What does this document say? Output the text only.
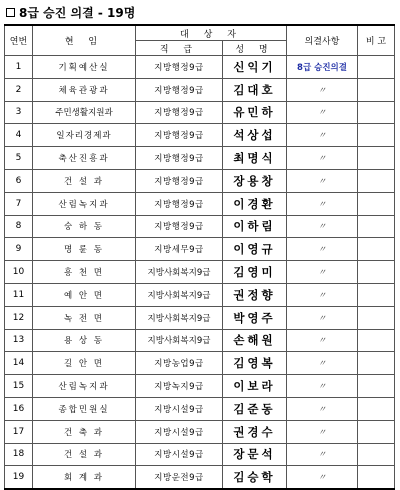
8급 승진 의결 - 19명
연번	현 임	대 상 자		의결사항	비 고
		직 급	성 명		
1	기획예산실	지방행정9급	신익기	8급 승진의결	
2	체육관광과	지방행정9급	김대호	〃	
3	주민생활지원과	지방행정9급	유민하	〃	
4	일자리경제과	지방행정9급	석상섭	〃	
5	축산진흥과	지방행정9급	최명식	〃	
6	건 설 과	지방행정9급	장용창	〃	
7	산림녹지과	지방행정9급	이경환	〃	
8	숭 하 동	지방행정9급	이하림	〃	
9	명 륜 동	지방세무9급	이영규	〃	
10	흥 천 면	지방사회복지9급	김영미	〃	
11	예 안 면	지방사회복지9급	권정향	〃	
12	녹 전 면	지방사회복지9급	박영주	〃	
13	용 상 동	지방사회복지9급	손해원	〃	
14	길 안 면	지방농업9급	김영복	〃	
15	산림녹지과	지방녹지9급	이보라	〃	
16	종합민원실	지방시설9급	김준동	〃	
17	건 축 과	지방시설9급	권경수	〃	
18	건 설 과	지방시설9급	장문석	〃	
19	회 계 과	지방운전9급	김승학	〃	
